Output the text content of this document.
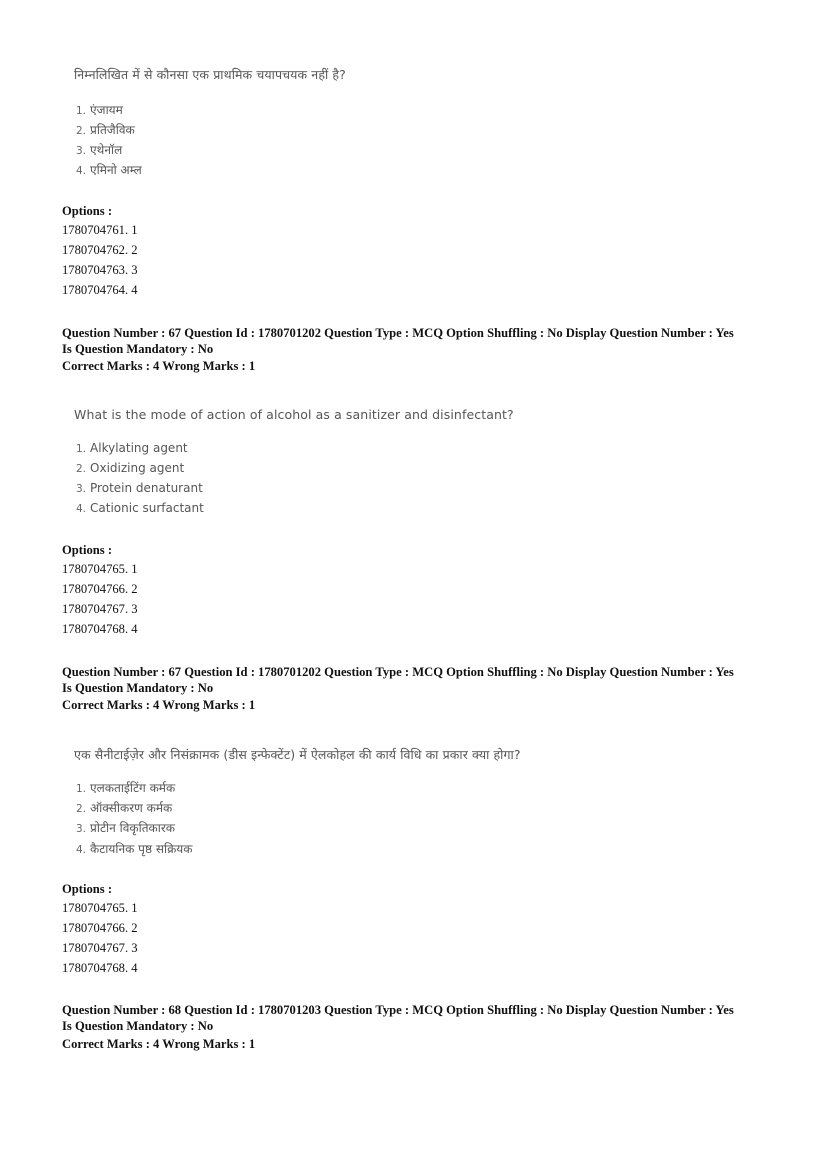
निम्नलिखित में से कौनसा एक प्राथमिक चयापचयक नहीं है?
1. एंजायम
2. प्रतिजैविक
3. एथेनॉल
4. एमिनो अम्ल
Options :
1780704761. 1
1780704762. 2
1780704763. 3
1780704764. 4
Question Number : 67 Question Id : 1780701202 Question Type : MCQ Option Shuffling : No Display Question Number : Yes
Is Question Mandatory : No
Correct Marks : 4 Wrong Marks : 1
What is the mode of action of alcohol as a sanitizer and disinfectant?
1. Alkylating agent
2. Oxidizing agent
3. Protein denaturant
4. Cationic surfactant
Options :
1780704765. 1
1780704766. 2
1780704767. 3
1780704768. 4
Question Number : 67 Question Id : 1780701202 Question Type : MCQ Option Shuffling : No Display Question Number : Yes
Is Question Mandatory : No
Correct Marks : 4 Wrong Marks : 1
एक सैनीटाईज़ेर और निसंक्रामक (डीस इन्फेक्टेंट) में ऐलकोहल की कार्य विधि का प्रकार क्या होगा?
1. एलकताईटिंग कर्मक
2. ऑक्सीकरण कर्मक
3. प्रोटीन विकृतिकारक
4. कैटायनिक पृष्ठ सक्रियक
Options :
1780704765. 1
1780704766. 2
1780704767. 3
1780704768. 4
Question Number : 68 Question Id : 1780701203 Question Type : MCQ Option Shuffling : No Display Question Number : Yes
Is Question Mandatory : No
Correct Marks : 4 Wrong Marks : 1
